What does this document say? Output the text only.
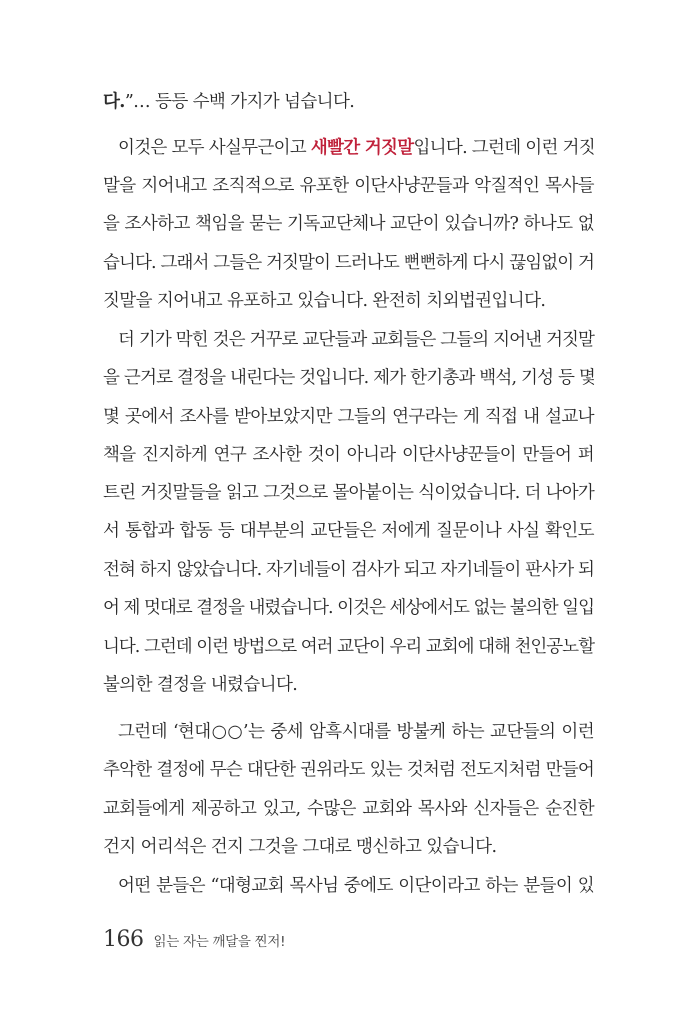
다.”… 등등 수백 가지가 넘습니다.
이것은 모두 사실무근이고 새빨간 거짓말입니다. 그런데 이런 거짓
말을 지어내고 조직적으로 유포한 이단사냥꾼들과 악질적인 목사들
을 조사하고 책임을 묻는 기독교단체나 교단이 있습니까? 하나도 없
습니다. 그래서 그들은 거짓말이 드러나도 뻔뻔하게 다시 끊임없이 거
짓말을 지어내고 유포하고 있습니다. 완전히 치외법권입니다.
더 기가 막힌 것은 거꾸로 교단들과 교회들은 그들의 지어낸 거짓말
을 근거로 결정을 내린다는 것입니다. 제가 한기총과 백석, 기성 등 몇
몇 곳에서 조사를 받아보았지만 그들의 연구라는 게 직접 내 설교나
책을 진지하게 연구 조사한 것이 아니라 이단사냥꾼들이 만들어 퍼
트린 거짓말들을 읽고 그것으로 몰아붙이는 식이었습니다. 더 나아가
서 통합과 합동 등 대부분의 교단들은 저에게 질문이나 사실 확인도
전혀 하지 않았습니다. 자기네들이 검사가 되고 자기네들이 판사가 되
어 제 멋대로 결정을 내렸습니다. 이것은 세상에서도 없는 불의한 일입
니다. 그런데 이런 방법으로 여러 교단이 우리 교회에 대해 천인공노할
불의한 결정을 내렸습니다.
그런데 ‘현대○○’는 중세 암흑시대를 방불케 하는 교단들의 이런
추악한 결정에 무슨 대단한 권위라도 있는 것처럼 전도지처럼 만들어
교회들에게 제공하고 있고, 수많은 교회와 목사와 신자들은 순진한
건지 어리석은 건지 그것을 그대로 맹신하고 있습니다.
어떤 분들은 “대형교회 목사님 중에도 이단이라고 하는 분들이 있
166 읽는 자는 깨달을 찐저!
